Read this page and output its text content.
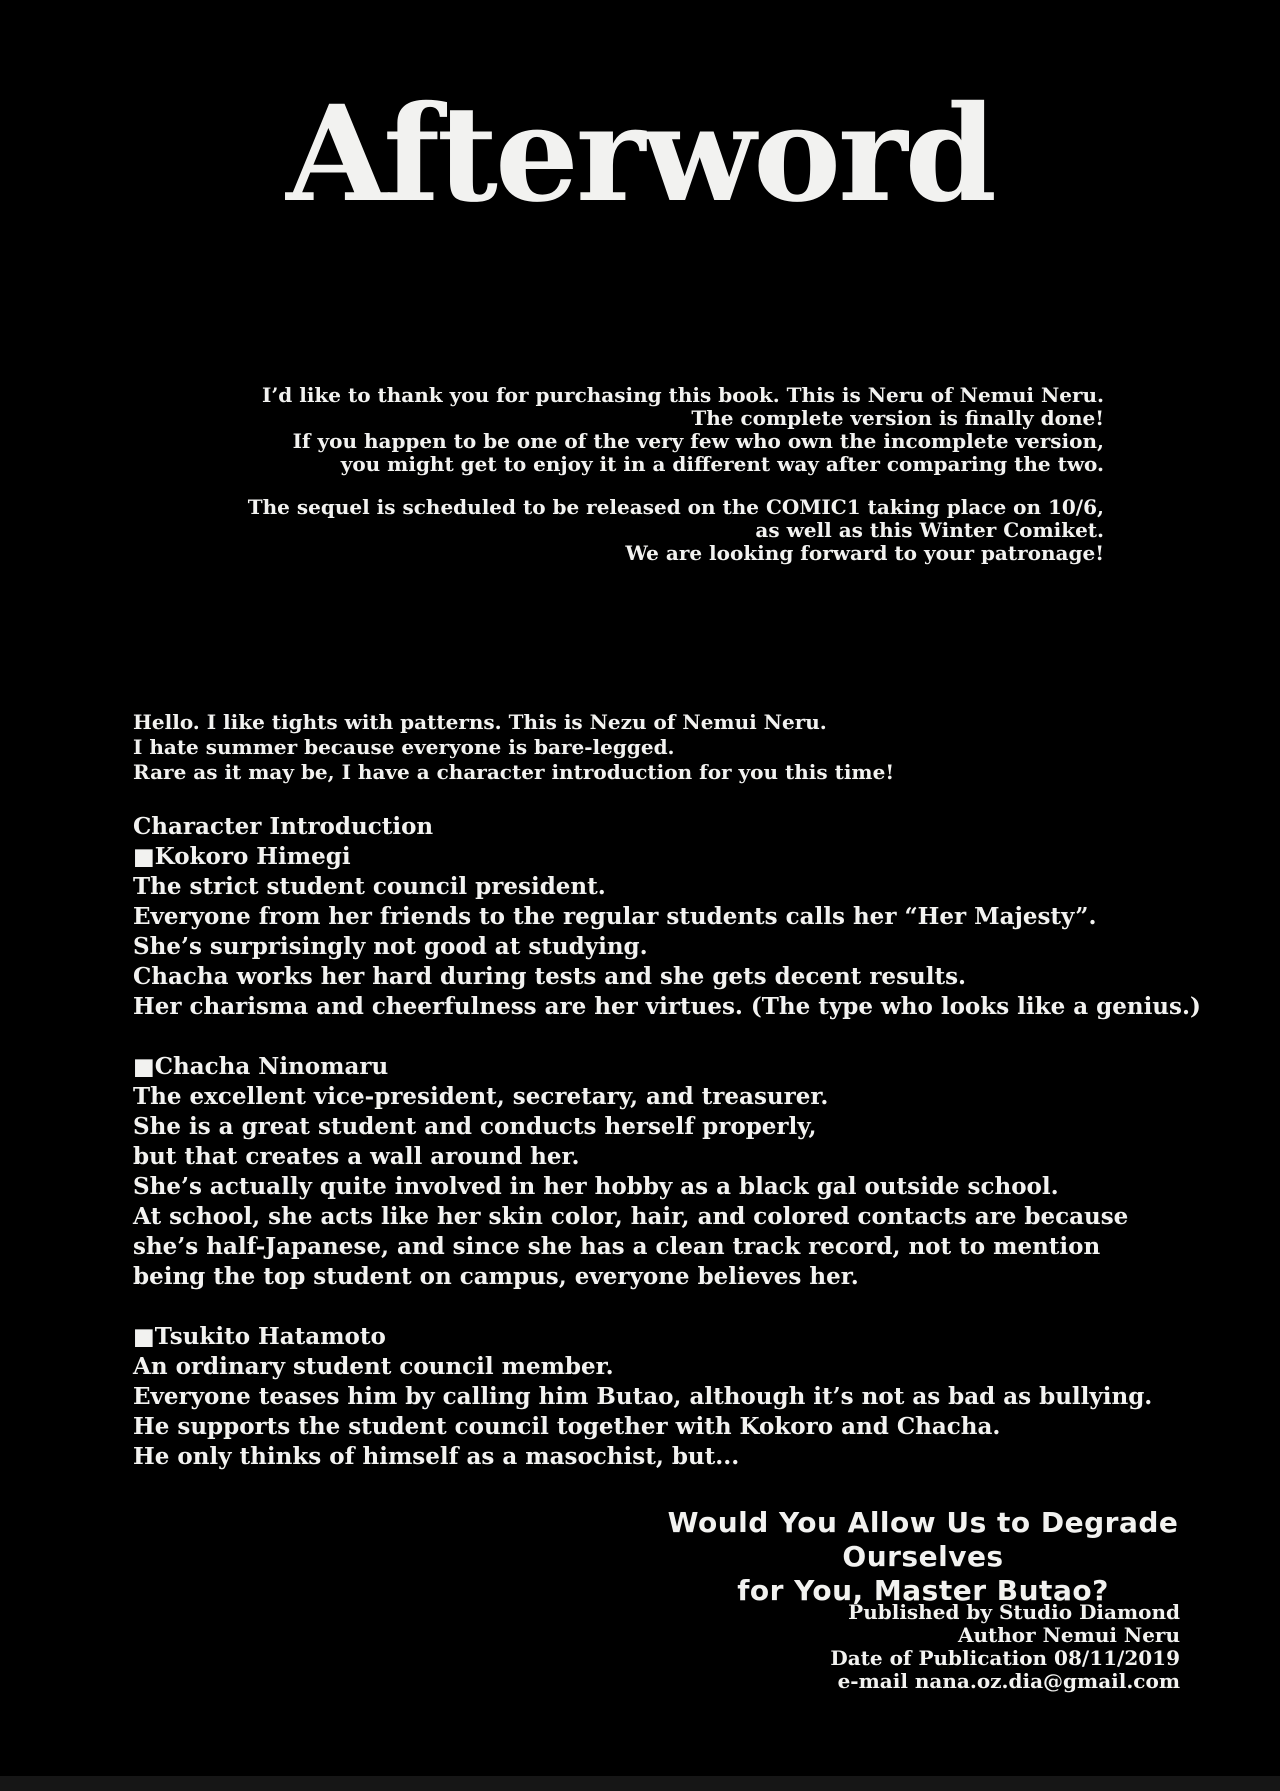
Afterword
I’d like to thank you for purchasing this book. This is Neru of Nemui Neru.
The complete version is finally done!
If you happen to be one of the very few who own the incomplete version,
you might get to enjoy it in a different way after comparing the two.
The sequel is scheduled to be released on the COMIC1 taking place on 10/6,
as well as this Winter Comiket.
We are looking forward to your patronage!
Hello. I like tights with patterns. This is Nezu of Nemui Neru.
I hate summer because everyone is bare-legged.
Rare as it may be, I have a character introduction for you this time!
Character Introduction
■Kokoro Himegi
The strict student council president.
Everyone from her friends to the regular students calls her “Her Majesty”.
She’s surprisingly not good at studying.
Chacha works her hard during tests and she gets decent results.
Her charisma and cheerfulness are her virtues. (The type who looks like a genius.)
■Chacha Ninomaru
The excellent vice-president, secretary, and treasurer.
She is a great student and conducts herself properly,
but that creates a wall around her.
She’s actually quite involved in her hobby as a black gal outside school.
At school, she acts like her skin color, hair, and colored contacts are because
she’s half-Japanese, and since she has a clean track record, not to mention
being the top student on campus, everyone believes her.
■Tsukito Hatamoto
An ordinary student council member.
Everyone teases him by calling him Butao, although it’s not as bad as bullying.
He supports the student council together with Kokoro and Chacha.
He only thinks of himself as a masochist, but...
Would You Allow Us to Degrade Ourselves
for You, Master Butao?
Published by Studio Diamond
Author Nemui Neru
Date of Publication 08/11/2019
e-mail nana.oz.dia@gmail.com
